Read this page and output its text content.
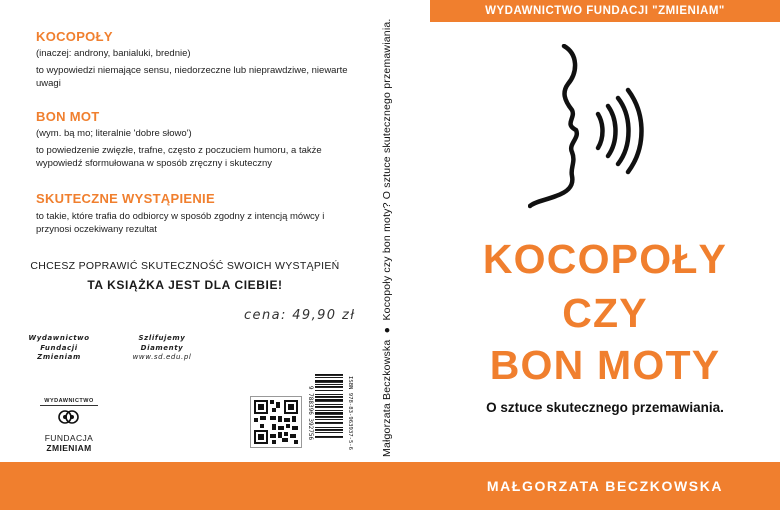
WYDAWNICTWO FUNDACJI "ZMIENIAM"
KOCOPOŁY
(inaczej: androny, banialuki, brednie)
to wypowiedzi niemające sensu, niedorzeczne lub nieprawdziwe, niewarte uwagi
BON MOT
(wym. bą mo; literalnie 'dobre słowo')
to powiedzenie zwięzłe, trafne, często z poczuciem humoru, a także wypowiedź sformułowana w sposób zręczny i skuteczny
SKUTECZNE WYSTĄPIENIE
to takie, które trafia do odbiorcy w sposób zgodny z intencją mówcy i przynosi oczekiwany rezultat
CHCESZ POPRAWIĆ SKUTECZNOŚĆ SWOICH WYSTĄPIEŃ
TA KSIĄŻKA JEST DLA CIEBIE!
Wydawnictwo
Fundacji
Zmieniam
Szlifujemy
Diamenty
www.sd.edu.pl
cena: 49,90 zł
WYDAWNICTWO
FUNDACJA
ZMIENIAM	ISBN 978-83-963937-5-6
9 788396 392756	Małgorzata Beczkowska  ●  Kocopoły czy bon moty? O sztuce skutecznego przemawiania.	KOCOPOŁY
CZY
BON MOTY
O sztuce skutecznego przemawiania.
MAŁGORZATA BECZKOWSKA
